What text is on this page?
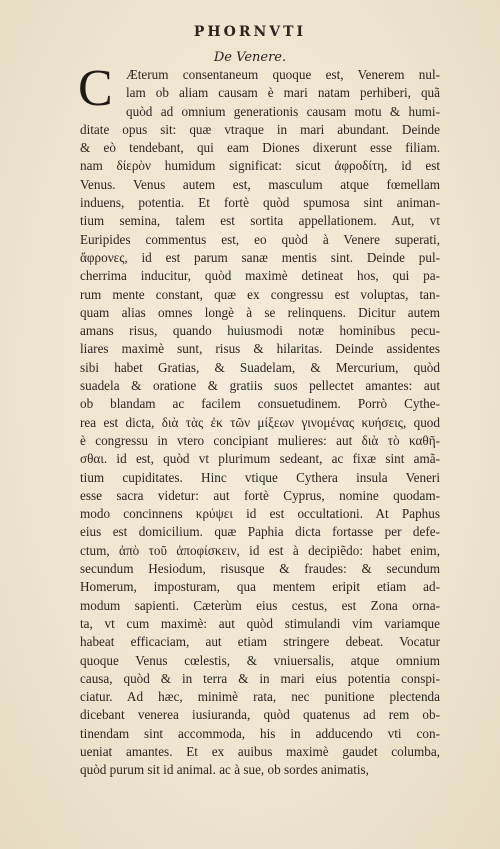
PHORNVTI
De Venere.
C	Æterum consentaneum quoque est, Venerem nul-
lam ob aliam causam è mari natam perhiberi, quã
quòd ad omnium generationis causam motu & humi-
ditate opus sit: quæ vtraque in mari abundant. Deinde
& eò tendebant, qui eam Diones dixerunt esse filiam.
nam δίερὸν humidum significat: sicut ἀφροδίτη, id est
Venus. Venus autem est, masculum atque fœmellam
induens, potentia. Et fortè quòd spumosa sint animan-
tium semina, talem est sortita appellationem. Aut, vt
Euripides commentus est, eo quòd à Venere superati,
ἄφρονες, id est parum sanæ mentis sint. Deinde pul-
cherrima inducitur, quòd maximè detineat hos, qui pa-
rum mente constant, quæ ex congressu est voluptas, tan-
quam alias omnes longè à se relinquens. Dicitur autem
amans risus, quando huiusmodi notæ hominibus pecu-
liares maximè sunt, risus & hilaritas. Deinde assidentes
sibi habet Gratias, & Suadelam, & Mercurium, quòd
suadela & oratione & gratiis suos pellectet amantes: aut
ob blandam ac facilem consuetudinem. Porrò Cythe-
rea est dicta, διὰ τὰς ἐκ τῶν μίξεων γινομένας κυήσεις, quod
è congressu in vtero concipiant mulieres: aut διὰ τὸ καθῆ-
σθαι. id est, quòd vt plurimum sedeant, ac fixæ sint amã-
tium cupiditates. Hinc vtique Cythera insula Veneri
esse sacra videtur: aut fortè Cyprus, nomine quodam-
modo concinnens κρύψει id est occultationi. At Paphus
eius est domicilium. quæ Paphia dicta fortasse per defe-
ctum, ἀπὸ τοῦ ἀποφίσκειν, id est à decipiẽdo: habet enim,
secundum Hesiodum, risusque & fraudes: & secundum
Homerum, imposturam, qua mentem eripit etiam ad-
modum sapienti. Cæterùm eius cestus, est Zona orna-
ta, vt cum maximè: aut quòd stimulandi vim variamque
habeat efficaciam, aut etiam stringere debeat. Vocatur
quoque Venus cœlestis, & vniuersalis, atque omnium
causa, quòd & in terra & in mari eius potentia conspi-
ciatur. Ad hæc, minimè rata, nec punitione plectenda
dicebant venerea iusiuranda, quòd quatenus ad rem ob-
tinendam sint accommoda, his in adducendo vti con-
ueniat amantes. Et ex auibus maximè gaudet columba,
quòd purum sit id animal. ac à sue, ob sordes animatis,
